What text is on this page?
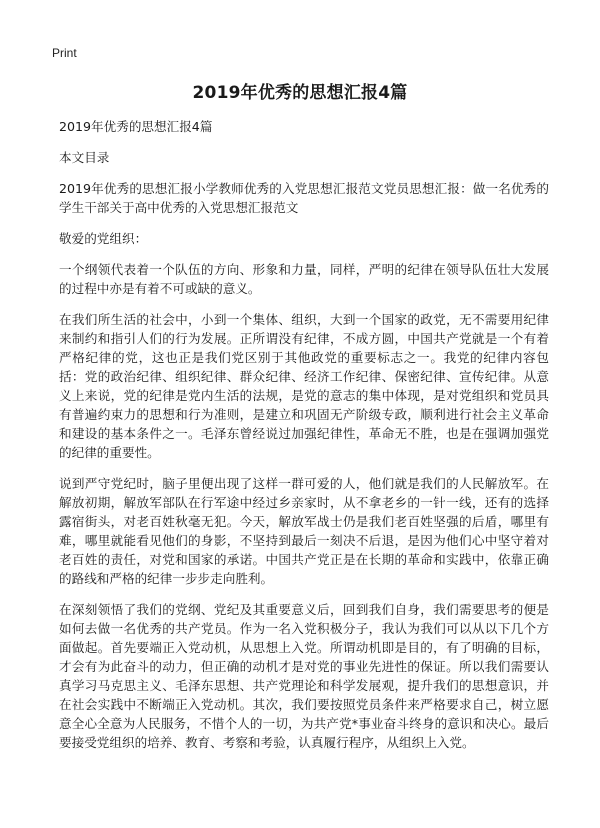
Print
2019年优秀的思想汇报4篇

2019年优秀的思想汇报4篇

本文目录

2019年优秀的思想汇报小学教师优秀的入党思想汇报范文党员思想汇报：做一名优秀的学生干部关于高中优秀的入党思想汇报范文

敬爱的党组织：

一个纲领代表着一个队伍的方向、形象和力量，同样，严明的纪律在领导队伍壮大发展的过程中亦是有着不可或缺的意义。

在我们所生活的社会中，小到一个集体、组织，大到一个国家的政党，无不需要用纪律来制约和指引人们的行为发展。正所谓没有纪律，不成方圆，中国共产党就是一个有着严格纪律的党，这也正是我们党区别于其他政党的重要标志之一。我党的纪律内容包括：党的政治纪律、组织纪律、群众纪律、经济工作纪律、保密纪律、宣传纪律。从意义上来说，党的纪律是党内生活的法规，是党的意志的集中体现，是对党组织和党员具有普遍约束力的思想和行为准则，是建立和巩固无产阶级专政，顺利进行社会主义革命和建设的基本条件之一。毛泽东曾经说过加强纪律性，革命无不胜，也是在强调加强党的纪律的重要性。

说到严守党纪时，脑子里便出现了这样一群可爱的人，他们就是我们的人民解放军。在解放初期，解放军部队在行军途中经过乡亲家时，从不拿老乡的一针一线，还有的选择露宿街头，对老百姓秋毫无犯。今天，解放军战士仍是我们老百姓坚强的后盾，哪里有难，哪里就能看见他们的身影，不坚持到最后一刻决不后退，是因为他们心中坚守着对老百姓的责任，对党和国家的承诺。中国共产党正是在长期的革命和实践中，依靠正确的路线和严格的纪律一步步走向胜利。

在深刻领悟了我们的党纲、党纪及其重要意义后，回到我们自身，我们需要思考的便是如何去做一名优秀的共产党员。作为一名入党积极分子，我认为我们可以从以下几个方面做起。首先要端正入党动机，从思想上入党。所谓动机即是目的，有了明确的目标，才会有为此奋斗的动力，但正确的动机才是对党的事业先进性的保证。所以我们需要认真学习马克思主义、毛泽东思想、共产党理论和科学发展观，提升我们的思想意识，并在社会实践中不断端正入党动机。其次，我们要按照党员条件来严格要求自己，树立愿意全心全意为人民服务，不惜个人的一切，为共产党*事业奋斗终身的意识和决心。最后要接受党组织的培养、教育、考察和考验，认真履行程序，从组织上入党。
